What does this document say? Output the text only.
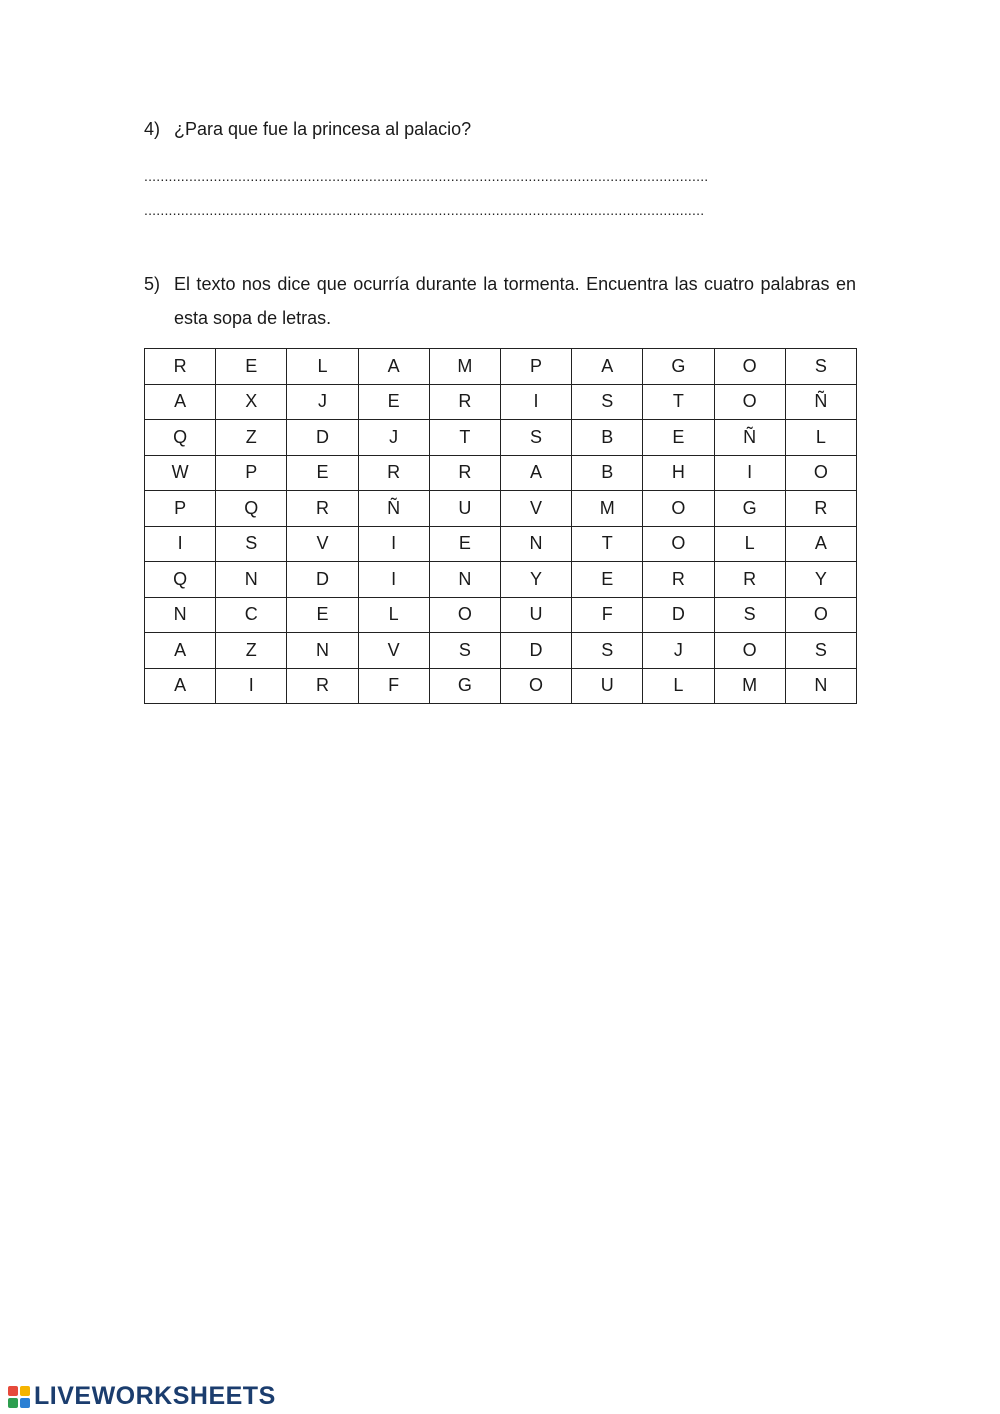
4) ¿Para que fue la princesa al palacio?
..........................................................................................................................................
.........................................................................................................................................
5) El texto nos dice que ocurría durante la tormenta. Encuentra las cuatro palabras en esta sopa de letras.
R	E	L	A	M	P	A	G	O	S
A	X	J	E	R	I	S	T	O	Ñ
Q	Z	D	J	T	S	B	E	Ñ	L
W	P	E	R	R	A	B	H	I	O
P	Q	R	Ñ	U	V	M	O	G	R
I	S	V	I	E	N	T	O	L	A
Q	N	D	I	N	Y	E	R	R	Y
N	C	E	L	O	U	F	D	S	O
A	Z	N	V	S	D	S	J	O	S
A	I	R	F	G	O	U	L	M	N
LIVEWORKSHEETS
